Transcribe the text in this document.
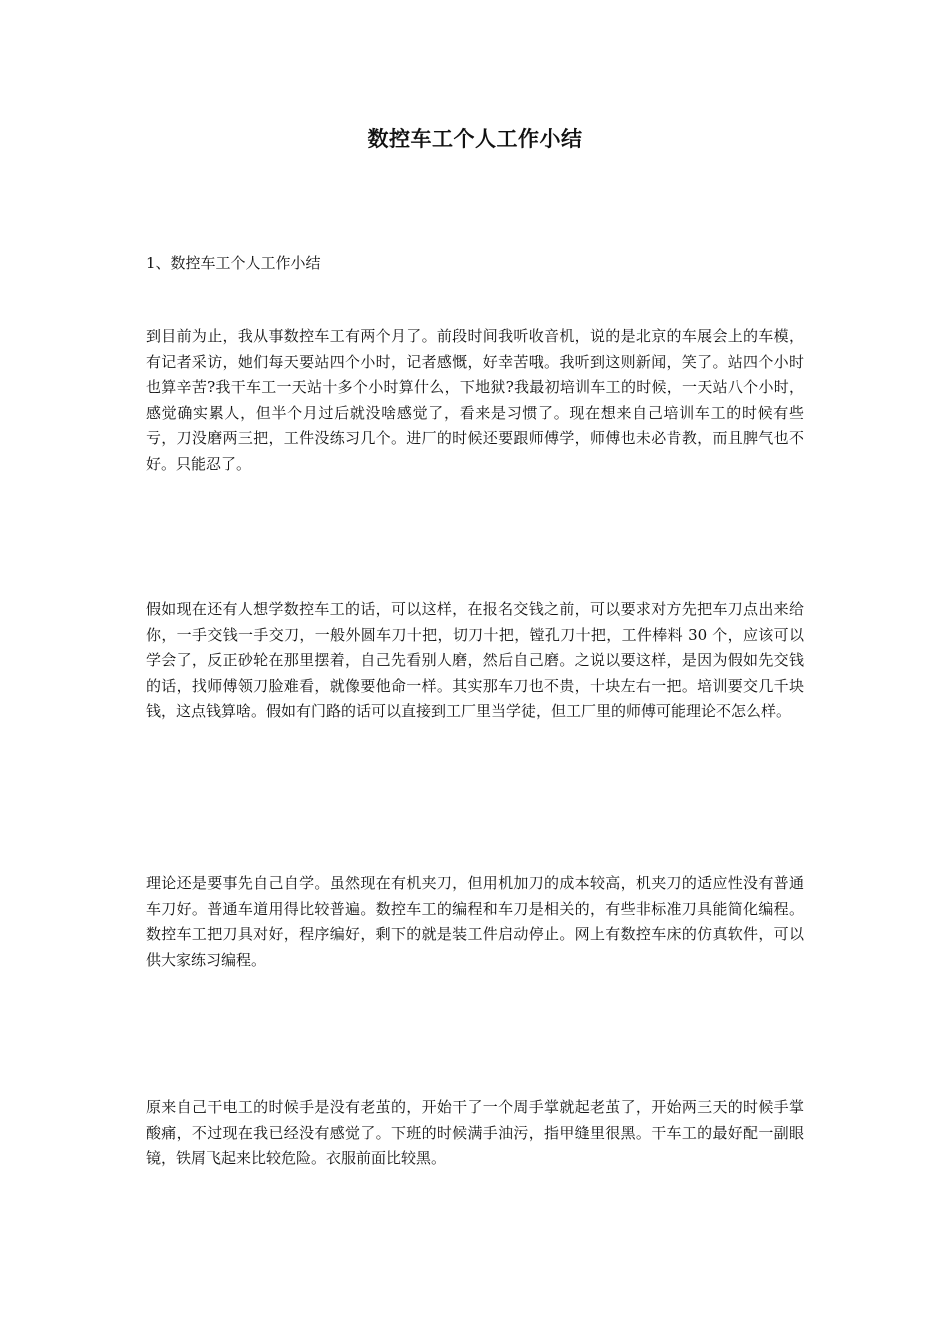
数控车工个人工作小结
1、数控车工个人工作小结
到目前为止，我从事数控车工有两个月了。前段时间我听收音机，说的是北京的车展会上的车模，有记者采访，她们每天要站四个小时，记者感慨，好幸苦哦。我听到这则新闻，笑了。站四个小时也算辛苦?我干车工一天站十多个小时算什么，下地狱?我最初培训车工的时候，一天站八个小时，感觉确实累人，但半个月过后就没啥感觉了，看来是习惯了。现在想来自己培训车工的时候有些亏，刀没磨两三把，工件没练习几个。进厂的时候还要跟师傅学，师傅也未必肯教，而且脾气也不好。只能忍了。
假如现在还有人想学数控车工的话，可以这样，在报名交钱之前，可以要求对方先把车刀点出来给你，一手交钱一手交刀，一般外圆车刀十把，切刀十把，镗孔刀十把，工件棒料 30 个，应该可以学会了，反正砂轮在那里摆着，自己先看别人磨，然后自己磨。之说以要这样，是因为假如先交钱的话，找师傅领刀脸难看，就像要他命一样。其实那车刀也不贵，十块左右一把。培训要交几千块钱，这点钱算啥。假如有门路的话可以直接到工厂里当学徒，但工厂里的师傅可能理论不怎么样。
理论还是要事先自己自学。虽然现在有机夹刀，但用机加刀的成本较高，机夹刀的适应性没有普通车刀好。普通车道用得比较普遍。数控车工的编程和车刀是相关的，有些非标准刀具能简化编程。数控车工把刀具对好，程序编好，剩下的就是装工件启动停止。网上有数控车床的仿真软件，可以供大家练习编程。
原来自己干电工的时候手是没有老茧的，开始干了一个周手掌就起老茧了，开始两三天的时候手掌酸痛，不过现在我已经没有感觉了。下班的时候满手油污，指甲缝里很黑。干车工的最好配一副眼镜，铁屑飞起来比较危险。衣服前面比较黑。
